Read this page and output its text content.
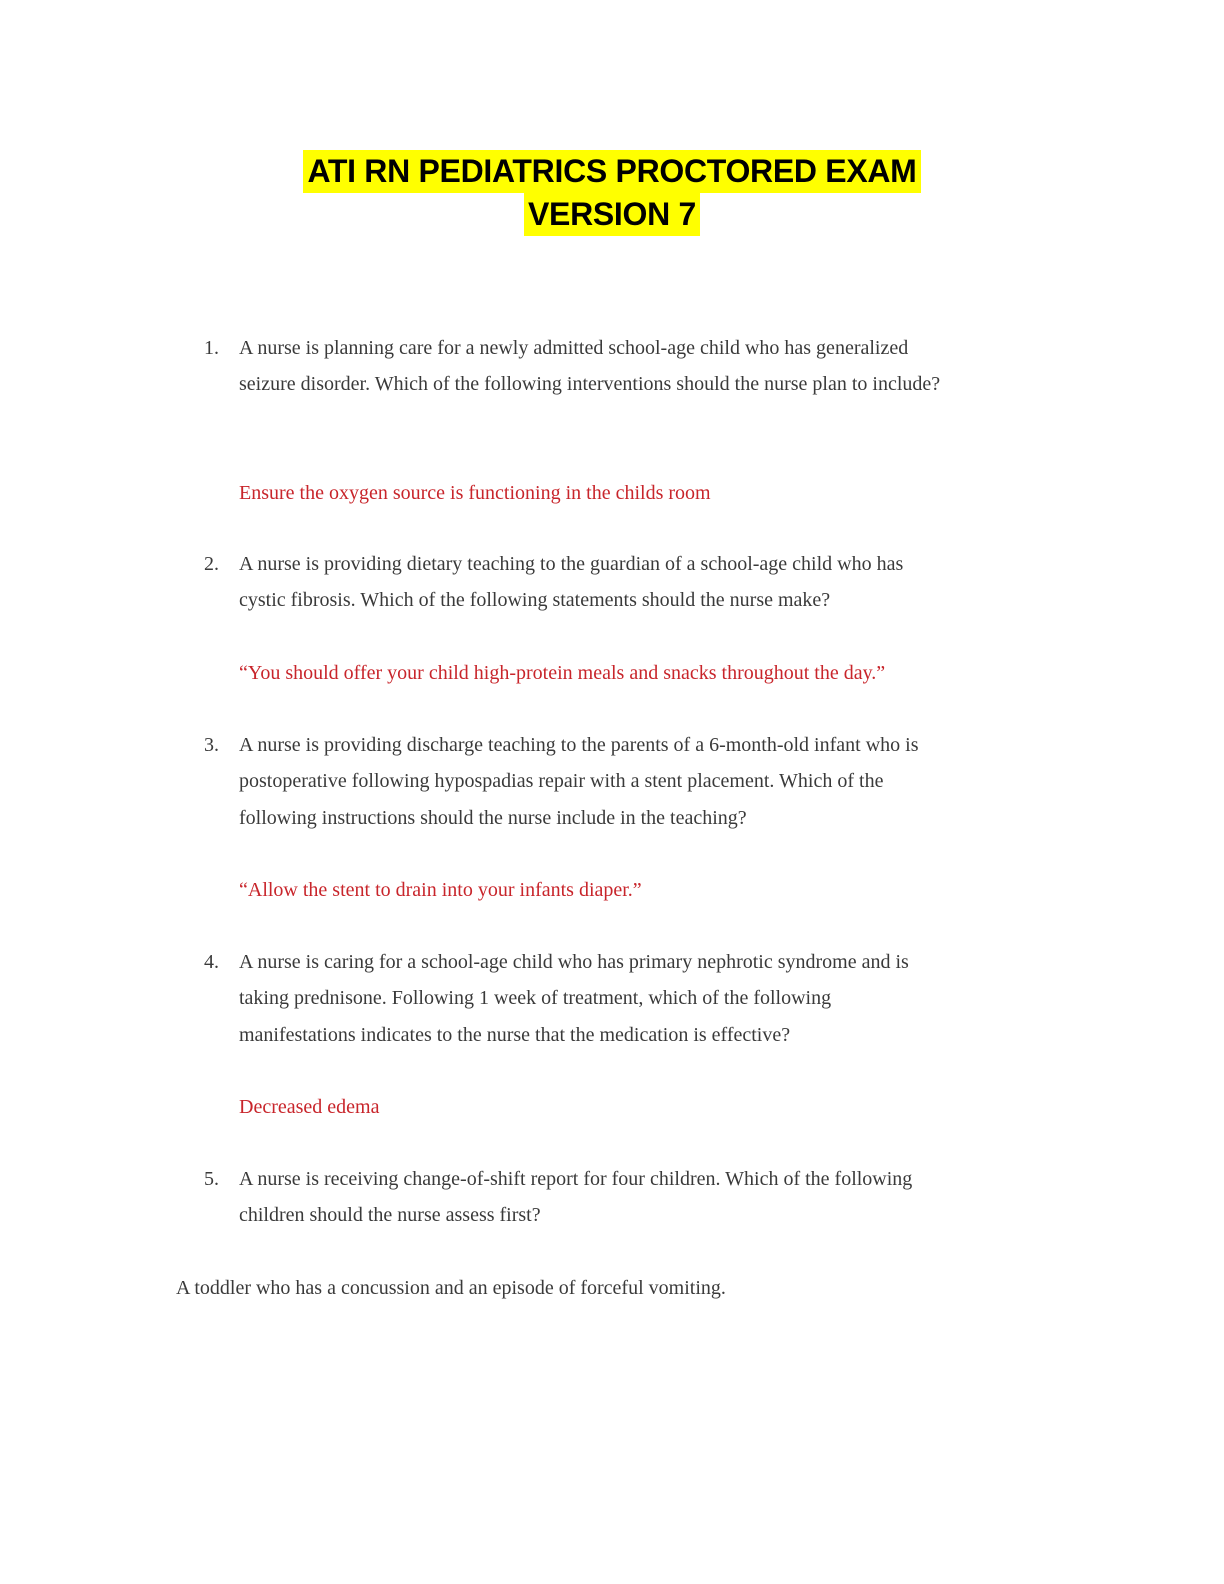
ATI RN PEDIATRICS PROCTORED EXAM
VERSION 7
1. A nurse is planning care for a newly admitted school-age child who has generalized seizure disorder. Which of the following interventions should the nurse plan to include?
Ensure the oxygen source is functioning in the childs room
2. A nurse is providing dietary teaching to the guardian of a school-age child who has cystic fibrosis. Which of the following statements should the nurse make?
“You should offer your child high-protein meals and snacks throughout the day.”
3. A nurse is providing discharge teaching to the parents of a 6-month-old infant who is postoperative following hypospadias repair with a stent placement. Which of the following instructions should the nurse include in the teaching?
“Allow the stent to drain into your infants diaper.”
4. A nurse is caring for a school-age child who has primary nephrotic syndrome and is taking prednisone. Following 1 week of treatment, which of the following manifestations indicates to the nurse that the medication is effective?
Decreased edema
5. A nurse is receiving change-of-shift report for four children. Which of the following children should the nurse assess first?
A toddler who has a concussion and an episode of forceful vomiting.
